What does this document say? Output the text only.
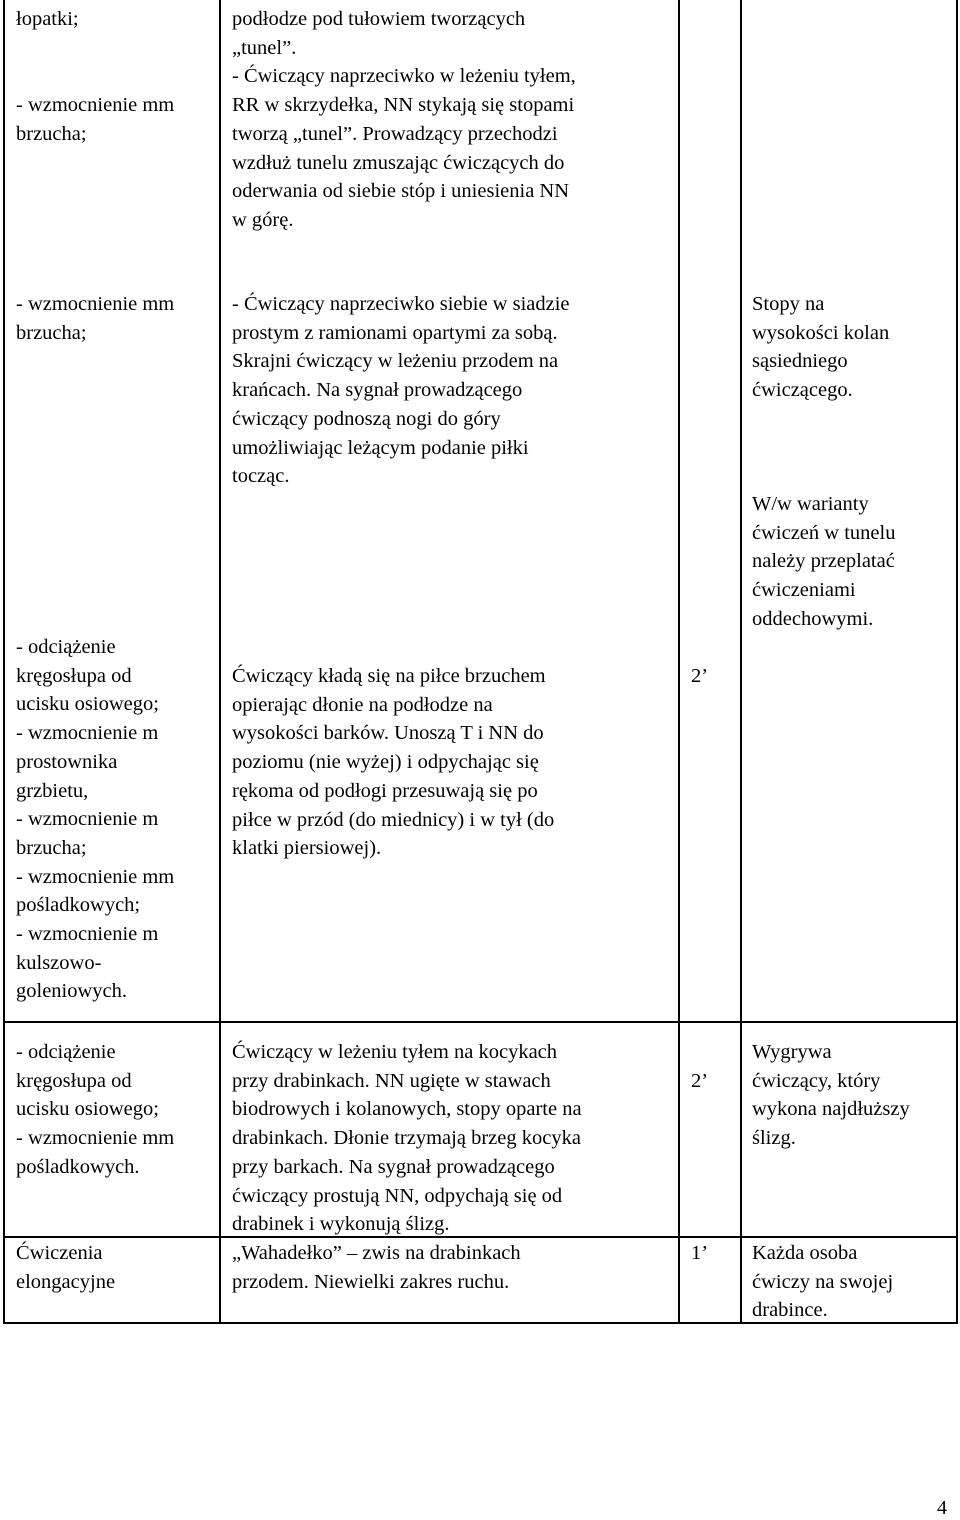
łopatki;
- wzmocnienie mm
brzucha;
podłodze pod tułowiem tworzących
„tunel”.
- Ćwiczący naprzeciwko w leżeniu tyłem,
RR w skrzydełka, NN stykają się stopami
tworzą „tunel”. Prowadzący przechodzi
wzdłuż tunelu zmuszając ćwiczących do
oderwania od siebie stóp i uniesienia NN
w górę.
- wzmocnienie mm
brzucha;
- odciążenie
kręgosłupa od
ucisku osiowego;
- wzmocnienie m
prostownika
grzbietu,
- wzmocnienie m
brzucha;
- wzmocnienie mm
pośladkowych;
- wzmocnienie m
kulszowo-
goleniowych.
- Ćwiczący naprzeciwko siebie w siadzie
prostym z ramionami opartymi za sobą.
Skrajni ćwiczący w leżeniu przodem na
krańcach. Na sygnał prowadzącego
ćwiczący podnoszą nogi do góry
umożliwiając leżącym podanie piłki
tocząc.
Ćwiczący kładą się na piłce brzuchem
opierając dłonie na podłodze na
wysokości barków. Unoszą T i NN do
poziomu (nie wyżej) i odpychając się
rękoma od podłogi przesuwają się po
piłce w przód (do miednicy) i w tył (do
klatki piersiowej).
2’
Stopy na
wysokości kolan
sąsiedniego
ćwiczącego.
W/w warianty
ćwiczeń w tunelu
należy przeplatać
ćwiczeniami
oddechowymi.
- odciążenie
kręgosłupa od
ucisku osiowego;
- wzmocnienie mm
pośladkowych.
Ćwiczący w leżeniu tyłem na kocykach
przy drabinkach. NN ugięte w stawach
biodrowych i kolanowych, stopy oparte na
drabinkach. Dłonie trzymają brzeg kocyka
przy barkach. Na sygnał prowadzącego
ćwiczący prostują NN, odpychają się od
drabinek i wykonują ślizg.
2’
Wygrywa
ćwiczący, który
wykona najdłuższy
ślizg.
Ćwiczenia
elongacyjne
„Wahadełko” – zwis na drabinkach
przodem. Niewielki zakres ruchu.
1’	Każda osoba
ćwiczy na swojej
drabince.
4
